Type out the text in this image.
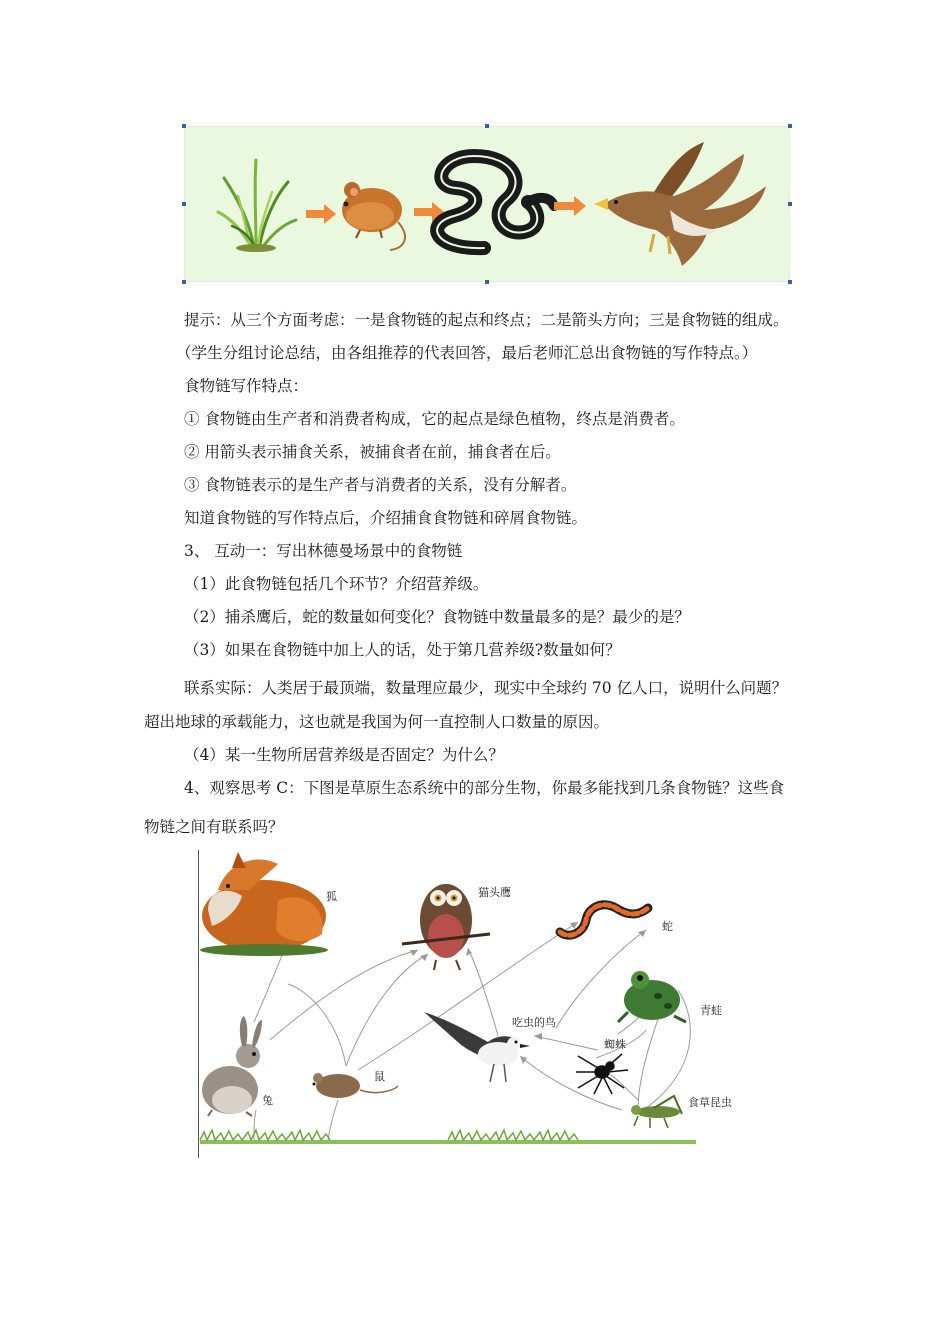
提示：从三个方面考虑：一是食物链的起点和终点；二是箭头方向；三是食物链的组成。
（学生分组讨论总结，由各组推荐的代表回答，最后老师汇总出食物链的写作特点。）
食物链写作特点：
① 食物链由生产者和消费者构成，它的起点是绿色植物，终点是消费者。
② 用箭头表示捕食关系，被捕食者在前，捕食者在后。
③ 食物链表示的是生产者与消费者的关系，没有分解者。
知道食物链的写作特点后，介绍捕食食物链和碎屑食物链。
3、 互动一：写出林德曼场景中的食物链
（1）此食物链包括几个环节？介绍营养级。
（2）捕杀鹰后，蛇的数量如何变化？食物链中数量最多的是？最少的是？
（3）如果在食物链中加上人的话，处于第几营养级?数量如何？
联系实际：人类居于最顶端，数量理应最少，现实中全球约 70 亿人口，说明什么问题？
超出地球的承载能力，这也就是我国为何一直控制人口数量的原因。
（4）某一生物所居营养级是否固定？为什么？
4、观察思考 C：下图是草原生态系统中的部分生物，你最多能找到几条食物链？这些食
物链之间有联系吗？
狐	猫头鹰
蛇
青蛙
吃虫的鸟
蜘蛛
鼠
兔	食草昆虫
